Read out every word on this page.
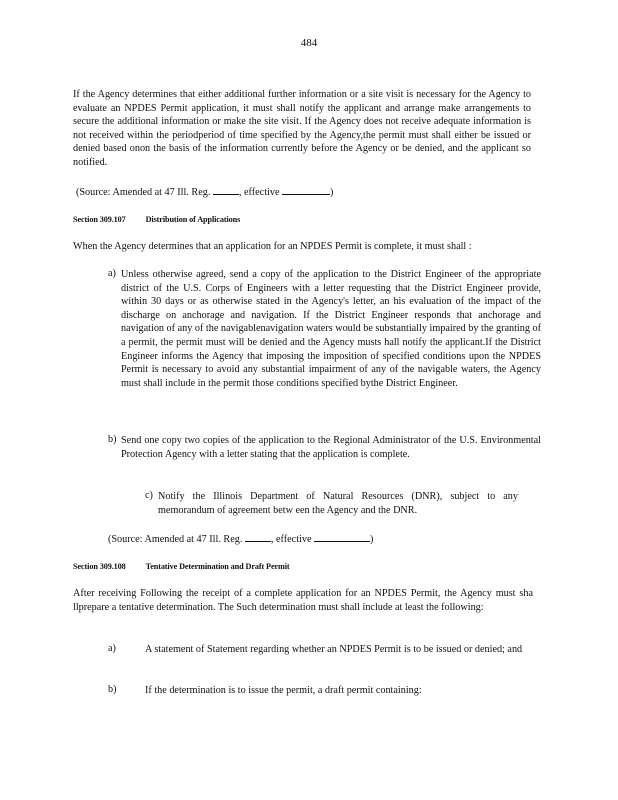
484
If the Agency determines that either additional further information or a site visit is necessary for the Agency to evaluate an NPDES Permit application, it must shall notify the applicant and arrange make arrangements to secure the additional information or make the site visit. If the Agency does not receive adequate information is not received within the periodperiod of time specified by the Agency,the permit must shall either be issued or denied based onon the basis of the information currently before the Agency or be denied, and the applicant so notified.
(Source: Amended at 47 Ill. Reg.	, effective	)
Section 309.107 Distribution of Applications
When the Agency determines that an application for an NPDES Permit is complete, it must shall :
a) Unless otherwise agreed, send a copy of the application to the District Engineer of the appropriate district of the U.S. Corps of Engineers with a letter requesting that the District Engineer provide, within 30 days or as otherwise stated in the Agency's letter, an his evaluation of the impact of the discharge on anchorage and navigation. If the District Engineer responds that anchorage and navigation of any of the navigablenavigation waters would be substantially impaired by the granting of a permit, the permit must will be denied and the Agency musts hall notify the applicant.If the District Engineer informs the Agency that imposing the imposition of specified conditions upon the NPDES Permit is necessary to avoid any substantial impairment of any of the navigable waters, the Agency must shall include in the permit those conditions specified bythe District Engineer.
b) Send one copy two copies of the application to the Regional Administrator of the U.S. Environmental Protection Agency with a letter stating that the application is complete.
c) Notify the Illinois Department of Natural Resources (DNR), subject to any memorandum of agreement betw een the Agency and the DNR.
(Source: Amended at 47 Ill. Reg.	, effective	)
Section 309.108 Tentative Determination and Draft Permit
After receiving Following the receipt of a complete application for an NPDES Permit, the Agency must sha llprepare a tentative determination. The Such determination must shall include at least the following:
a)	A statement of Statement regarding whether an NPDES Permit is to be issued or denied; and
b)	If the determination is to issue the permit, a draft permit containing:
